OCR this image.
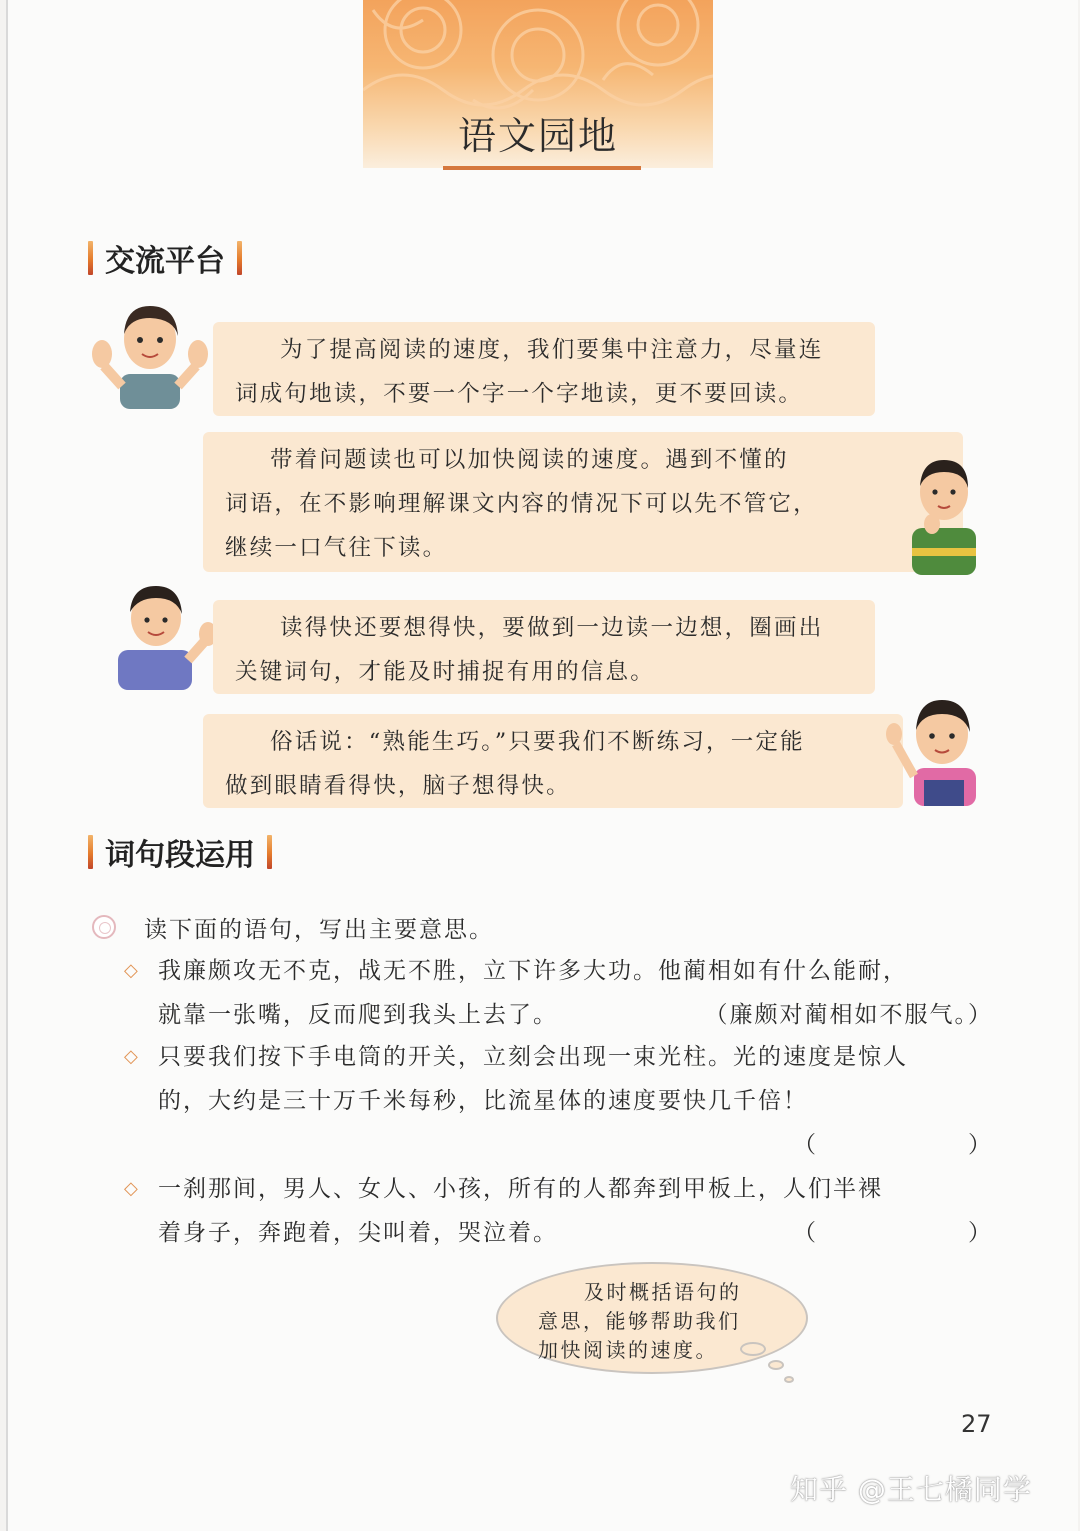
语文园地
交流平台
为了提高阅读的速度，我们要集中注意力，尽量连
词成句地读，不要一个字一个字地读，更不要回读。
带着问题读也可以加快阅读的速度。遇到不懂的
词语，在不影响理解课文内容的情况下可以先不管它，
继续一口气往下读。
读得快还要想得快，要做到一边读一边想，圈画出
关键词句，才能及时捕捉有用的信息。
俗话说：“熟能生巧。”只要我们不断练习，一定能
做到眼睛看得快，脑子想得快。
词句段运用
读下面的语句，写出主要意思。
◇ 我廉颇攻无不克，战无不胜，立下许多大功。他蔺相如有什么能耐，
就靠一张嘴，反而爬到我头上去了。	（廉颇对蔺相如不服气。）
◇ 只要我们按下手电筒的开关，立刻会出现一束光柱。光的速度是惊人
的，大约是三十万千米每秒，比流星体的速度要快几千倍！
（　　　　　　）
◇ 一刹那间，男人、女人、小孩，所有的人都奔到甲板上，人们半裸
着身子，奔跑着，尖叫着，哭泣着。	（　　　　　　）
及时概括语句的
意思，能够帮助我们
加快阅读的速度。
27
知乎 @王七橘同学
